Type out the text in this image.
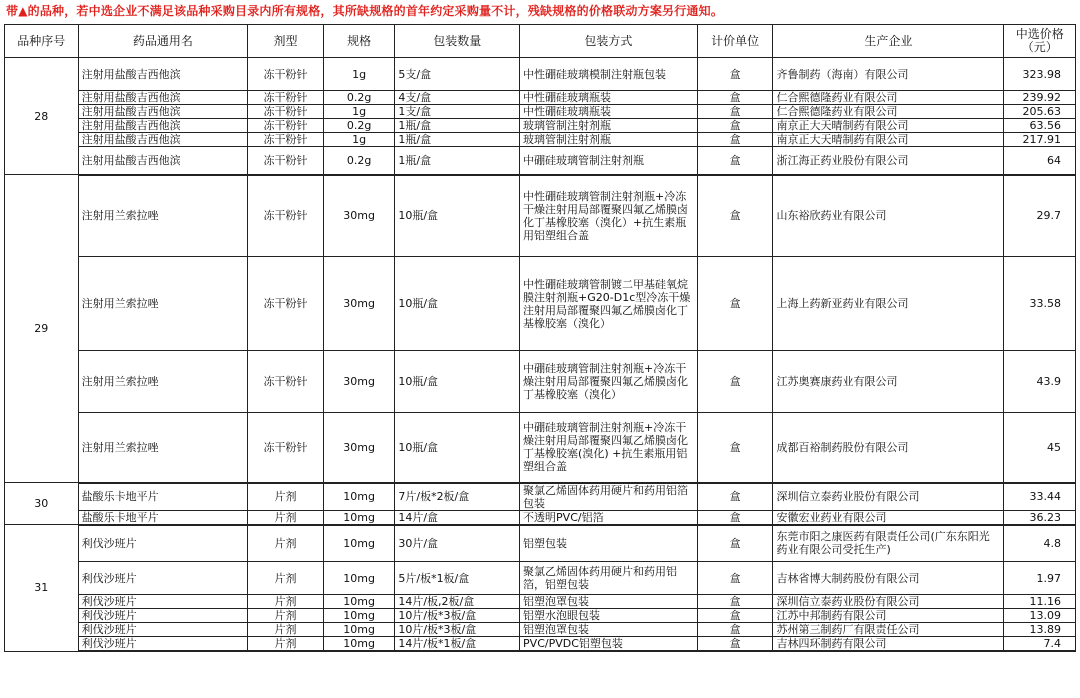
带▲的品种，若中选企业不满足该品种采购目录内所有规格，其所缺规格的首年约定采购量不计，残缺规格的价格联动方案另行通知。
品种序号	药品通用名	剂型	规格	包装数量	包装方式	计价单位	生产企业	中选价格（元）
28	注射用盐酸吉西他滨	冻干粉针	1g	5支/盒	中性硼硅玻璃模制注射瓶包装	盒	齐鲁制药（海南）有限公司	323.98
	注射用盐酸吉西他滨	冻干粉针	0.2g	4支/盒	中性硼硅玻璃瓶装	盒	仁合熙德隆药业有限公司	239.92
	注射用盐酸吉西他滨	冻干粉针	1g	1支/盒	中性硼硅玻璃瓶装	盒	仁合熙德隆药业有限公司	205.63
	注射用盐酸吉西他滨	冻干粉针	0.2g	1瓶/盒	玻璃管制注射剂瓶	盒	南京正大天晴制药有限公司	63.56
	注射用盐酸吉西他滨	冻干粉针	1g	1瓶/盒	玻璃管制注射剂瓶	盒	南京正大天晴制药有限公司	217.91
	注射用盐酸吉西他滨	冻干粉针	0.2g	1瓶/盒	中硼硅玻璃管制注射剂瓶	盒	浙江海正药业股份有限公司	64
29	注射用兰索拉唑	冻干粉针	30mg	10瓶/盒	中性硼硅玻璃管制注射剂瓶+冷冻干燥注射用局部覆聚四氟乙烯膜卤化丁基橡胶塞（溴化）+抗生素瓶用铝塑组合盖	盒	山东裕欣药业有限公司	29.7
	注射用兰索拉唑	冻干粉针	30mg	10瓶/盒	中性硼硅玻璃管制镀二甲基硅氧烷膜注射剂瓶+G20-D1c型冷冻干燥注射用局部覆聚四氟乙烯膜卤化丁基橡胶塞（溴化）	盒	上海上药新亚药业有限公司	33.58
	注射用兰索拉唑	冻干粉针	30mg	10瓶/盒	中硼硅玻璃管制注射剂瓶+冷冻干燥注射用局部覆聚四氟乙烯膜卤化丁基橡胶塞（溴化）	盒	江苏奥赛康药业有限公司	43.9
	注射用兰索拉唑	冻干粉针	30mg	10瓶/盒	中硼硅玻璃管制注射剂瓶+冷冻干燥注射用局部覆聚四氟乙烯膜卤化丁基橡胶塞(溴化) +抗生素瓶用铝塑组合盖	盒	成都百裕制药股份有限公司	45
30	盐酸乐卡地平片	片剂	10mg	7片/板*2板/盒	聚氯乙烯固体药用硬片和药用铝箔包装	盒	深圳信立泰药业股份有限公司	33.44
	盐酸乐卡地平片	片剂	10mg	14片/盒	不透明PVC/铝箔	盒	安徽宏业药业有限公司	36.23
31	利伐沙班片	片剂	10mg	30片/盒	铝塑包装	盒	东莞市阳之康医药有限责任公司(广东东阳光药业有限公司受托生产)	4.8
	利伐沙班片	片剂	10mg	5片/板*1板/盒	聚氯乙烯固体药用硬片和药用铝箔，铝塑包装	盒	吉林省博大制药股份有限公司	1.97
	利伐沙班片	片剂	10mg	14片/板,2板/盒	铝塑泡罩包装	盒	深圳信立泰药业股份有限公司	11.16
	利伐沙班片	片剂	10mg	10片/板*3板/盒	铝塑水泡眼包装	盒	江苏中邦制药有限公司	13.09
	利伐沙班片	片剂	10mg	10片/板*3板/盒	铝塑泡罩包装	盒	苏州第三制药厂有限责任公司	13.89
	利伐沙班片	片剂	10mg	14片/板*1板/盒	PVC/PVDC铝塑包装	盒	吉林四环制药有限公司	7.4
